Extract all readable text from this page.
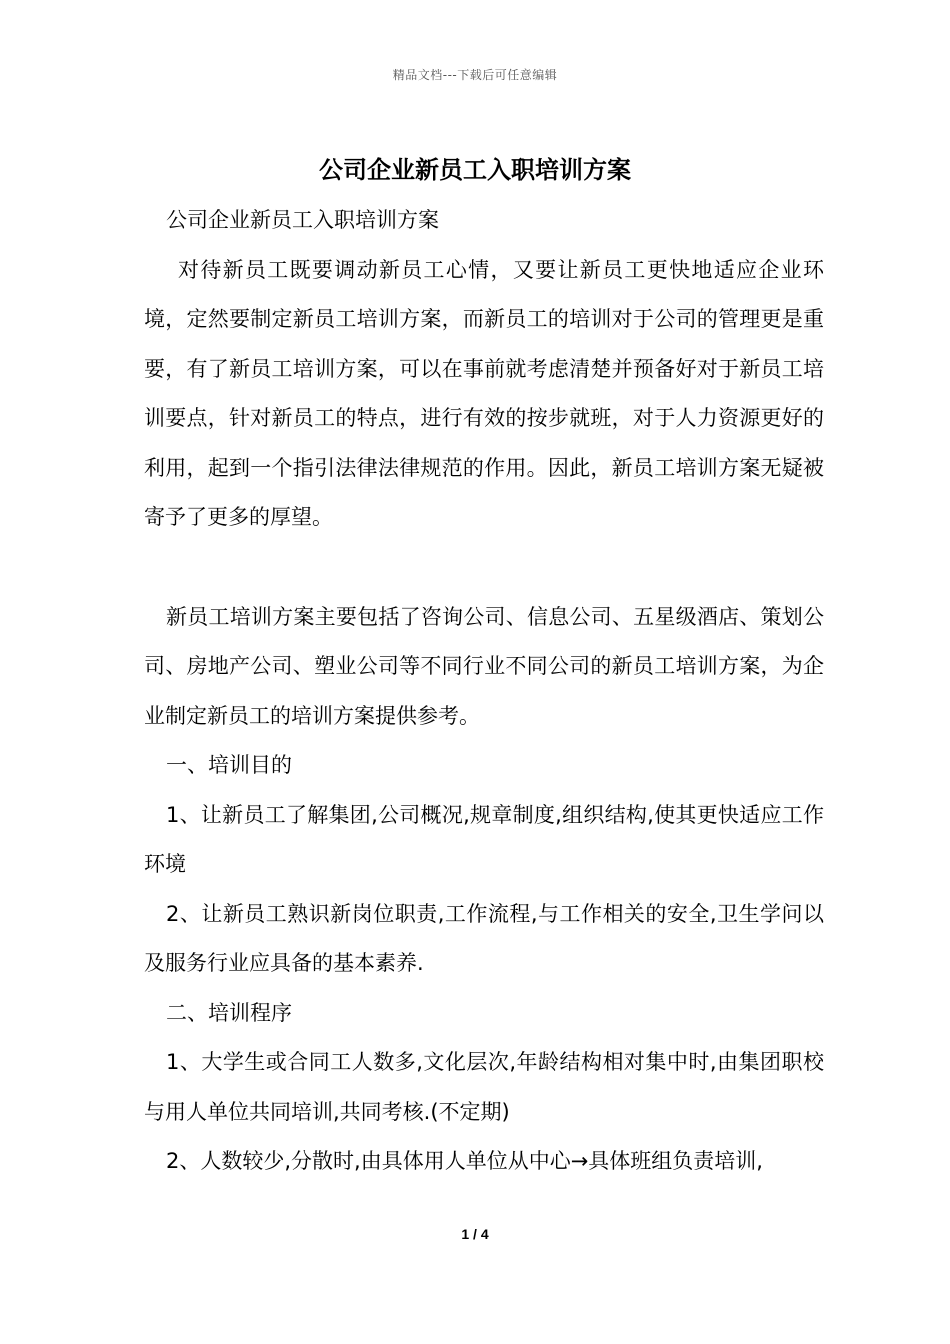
精品文档---下载后可任意编辑
公司企业新员工入职培训方案

公司企业新员工入职培训方案

对待新员工既要调动新员工心情，又要让新员工更快地适应企业环境，定然要制定新员工培训方案，而新员工的培训对于公司的管理更是重要，有了新员工培训方案，可以在事前就考虑清楚并预备好对于新员工培训要点，针对新员工的特点，进行有效的按步就班，对于人力资源更好的利用，起到一个指引法律法律规范的作用。因此，新员工培训方案无疑被寄予了更多的厚望。

新员工培训方案主要包括了咨询公司、信息公司、五星级酒店、策划公司、房地产公司、塑业公司等不同行业不同公司的新员工培训方案，为企业制定新员工的培训方案提供参考。

一、培训目的

1、让新员工了解集团,公司概况,规章制度,组织结构,使其更快适应工作环境

2、让新员工熟识新岗位职责,工作流程,与工作相关的安全,卫生学问以及服务行业应具备的基本素养.

二、培训程序

1、大学生或合同工人数多,文化层次,年龄结构相对集中时,由集团职校与用人单位共同培训,共同考核.(不定期)

2、人数较少,分散时,由具体用人单位从中心→具体班组负责培训,

1 / 4
